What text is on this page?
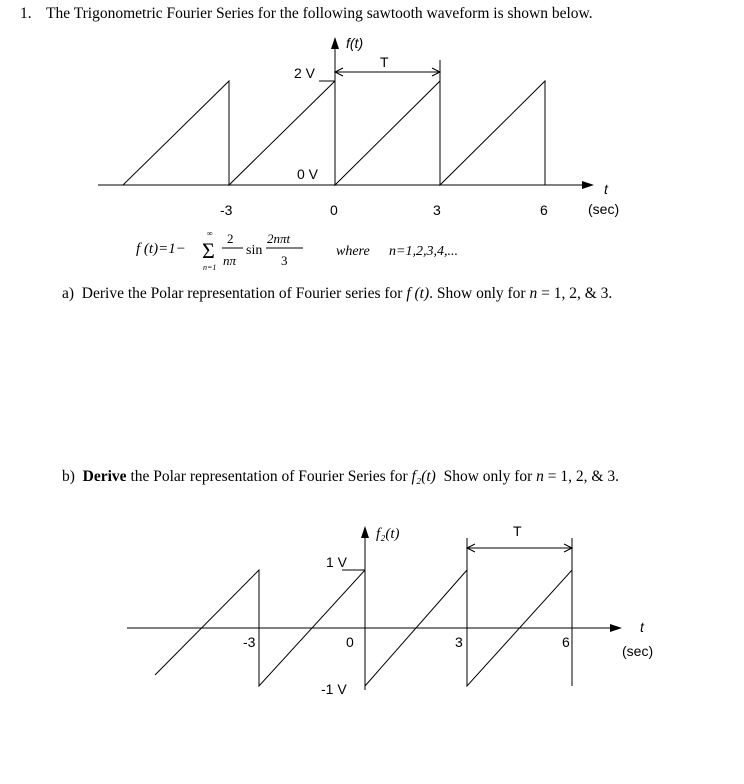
1. The Trigonometric Fourier Series for the following sawtooth waveform is shown below.
f(t)
T
2 V
0 V
t
-3	0	3	6	(sec)
f (t)=1−
∞
Σ
n=1
2
nπ
sin
2nπt
3
where n=1,2,3,4,...
a) Derive the Polar representation of Fourier series for f (t). Show only for n = 1, 2, & 3.
b) Derive the Polar representation of Fourier Series for f₂(t) Show only for n = 1, 2, & 3.
f₂(t)	T
1 V
-1 V
t
-3	0	3	6
(sec)
